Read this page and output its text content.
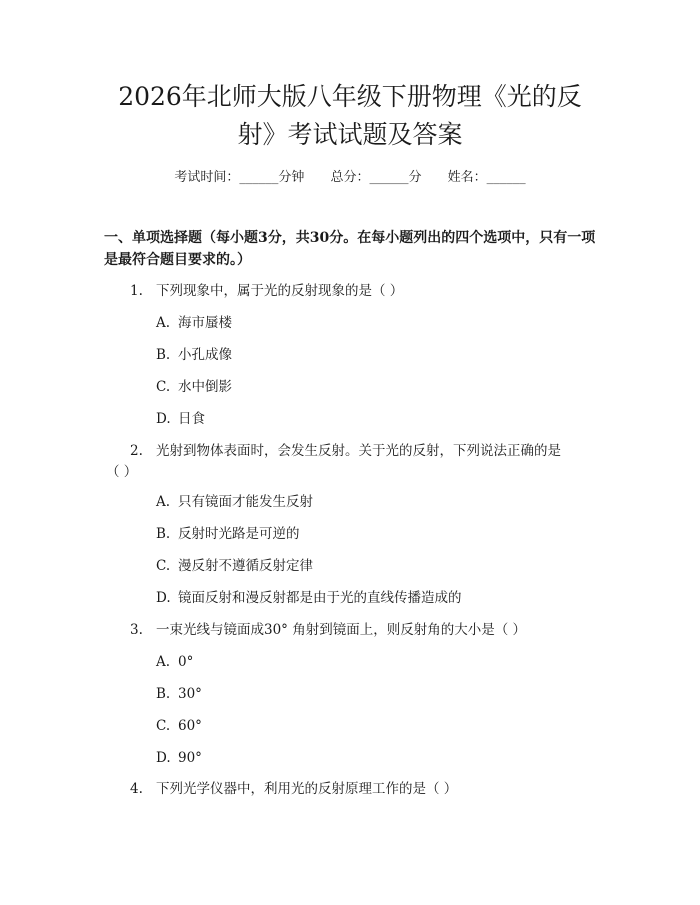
2026年北师大版八年级下册物理《光的反
射》考试试题及答案
考试时间：______分钟 总分：______分 姓名：______
一、单项选择题（每小题3分，共30分。在每小题列出的四个选项中，只有一项是最符合题目要求的。）
1. 下列现象中，属于光的反射现象的是（ ）
A. 海市蜃楼
B. 小孔成像
C. 水中倒影
D. 日食
2. 光射到物体表面时，会发生反射。关于光的反射，下列说法正确的是
（ ）
A. 只有镜面才能发生反射
B. 反射时光路是可逆的
C. 漫反射不遵循反射定律
D. 镜面反射和漫反射都是由于光的直线传播造成的
3. 一束光线与镜面成30° 角射到镜面上，则反射角的大小是（ ）
A. 0°
B. 30°
C. 60°
D. 90°
4. 下列光学仪器中，利用光的反射原理工作的是（ ）
